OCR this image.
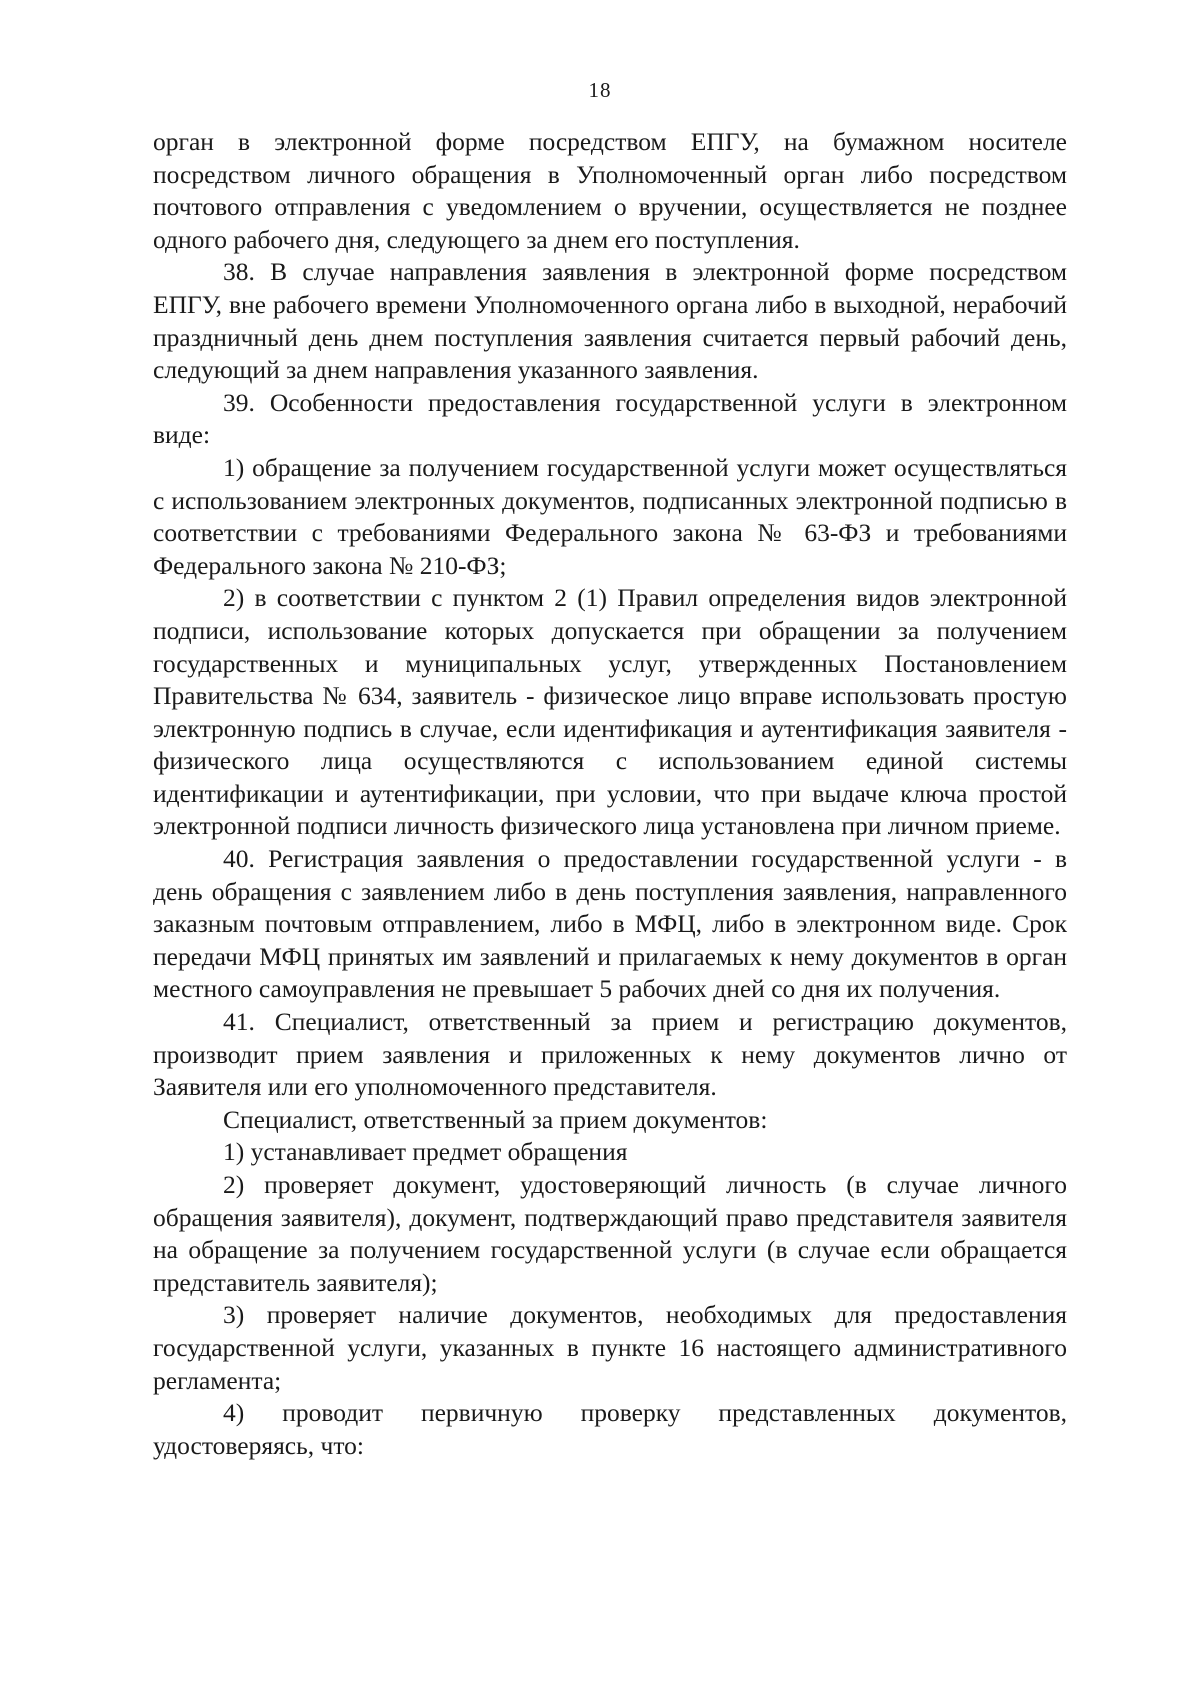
18

орган в электронной форме посредством ЕПГУ, на бумажном носителе посредством личного обращения в Уполномоченный орган либо посредством почтового отправления с уведомлением о вручении, осуществляется не позднее одного рабочего дня, следующего за днем его поступления.

38. В случае направления заявления в электронной форме посредством ЕПГУ, вне рабочего времени Уполномоченного органа либо в выходной, нерабочий праздничный день днем поступления заявления считается первый рабочий день, следующий за днем направления указанного заявления.

39. Особенности предоставления государственной услуги в электронном виде:

1) обращение за получением государственной услуги может осуществляться с использованием электронных документов, подписанных электронной подписью в соответствии с требованиями Федерального закона № 63-ФЗ и требованиями Федерального закона № 210-ФЗ;

2) в соответствии с пунктом 2 (1) Правил определения видов электронной подписи, использование которых допускается при обращении за получением государственных и муниципальных услуг, утвержденных Постановлением Правительства № 634, заявитель - физическое лицо вправе использовать простую электронную подпись в случае, если идентификация и аутентификация заявителя - физического лица осуществляются с использованием единой системы идентификации и аутентификации, при условии, что при выдаче ключа простой электронной подписи личность физического лица установлена при личном приеме.

40. Регистрация заявления о предоставлении государственной услуги - в день обращения с заявлением либо в день поступления заявления, направленного заказным почтовым отправлением, либо в МФЦ, либо в электронном виде. Срок передачи МФЦ принятых им заявлений и прилагаемых к нему документов в орган местного самоуправления не превышает 5 рабочих дней со дня их получения.

41. Специалист, ответственный за прием и регистрацию документов, производит прием заявления и приложенных к нему документов лично от Заявителя или его уполномоченного представителя.

Специалист, ответственный за прием документов:

1) устанавливает предмет обращения

2) проверяет документ, удостоверяющий личность (в случае личного обращения заявителя), документ, подтверждающий право представителя заявителя на обращение за получением государственной услуги (в случае если обращается представитель заявителя);

3) проверяет наличие документов, необходимых для предоставления государственной услуги, указанных в пункте 16 настоящего административного регламента;

4) проводит первичную проверку представленных документов, удостоверяясь, что:
